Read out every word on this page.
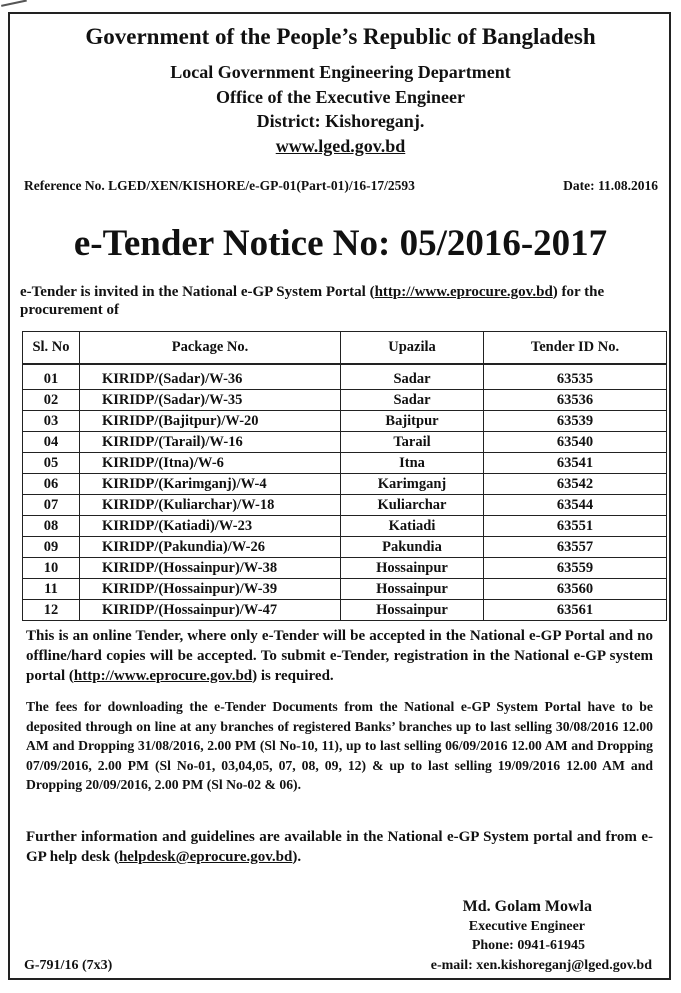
Government of the People’s Republic of Bangladesh
Local Government Engineering Department
Office of the Executive Engineer
District: Kishoreganj.
www.lged.gov.bd
Reference No. LGED/XEN/KISHORE/e-GP-01(Part-01)/16-17/2593	Date: 11.08.2016
e-Tender Notice No: 05/2016-2017
e-Tender is invited in the National e-GP System Portal (http://www.eprocure.gov.bd) for the procurement of
Sl. No	Package No.	Upazila	Tender ID No.
01	KIRIDP/(Sadar)/W-36	Sadar	63535
02	KIRIDP/(Sadar)/W-35	Sadar	63536
03	KIRIDP/(Bajitpur)/W-20	Bajitpur	63539
04	KIRIDP/(Tarail)/W-16	Tarail	63540
05	KIRIDP/(Itna)/W-6	Itna	63541
06	KIRIDP/(Karimganj)/W-4	Karimganj	63542
07	KIRIDP/(Kuliarchar)/W-18	Kuliarchar	63544
08	KIRIDP/(Katiadi)/W-23	Katiadi	63551
09	KIRIDP/(Pakundia)/W-26	Pakundia	63557
10	KIRIDP/(Hossainpur)/W-38	Hossainpur	63559
11	KIRIDP/(Hossainpur)/W-39	Hossainpur	63560
12	KIRIDP/(Hossainpur)/W-47	Hossainpur	63561
This is an online Tender, where only e-Tender will be accepted in the National e-GP Portal and no offline/hard copies will be accepted. To submit e-Tender, registration in the National e-GP system portal (http://www.eprocure.gov.bd) is required.
The fees for downloading the e-Tender Documents from the National e-GP System Portal have to be deposited through on line at any branches of registered Banks’ branches up to last selling 30/08/2016 12.00 AM and Dropping 31/08/2016, 2.00 PM (Sl No-10, 11), up to last selling 06/09/2016 12.00 AM and Dropping 07/09/2016, 2.00 PM (Sl No-01, 03,04,05, 07, 08, 09, 12) & up to last selling 19/09/2016 12.00 AM and Dropping 20/09/2016, 2.00 PM (Sl No-02 & 06).
Further information and guidelines are available in the National e-GP System portal and from e-GP help desk (helpdesk@eprocure.gov.bd).
Md. Golam Mowla
Executive Engineer
Phone: 0941-61945
e-mail: xen.kishoreganj@lged.gov.bd
G-791/16 (7x3)
